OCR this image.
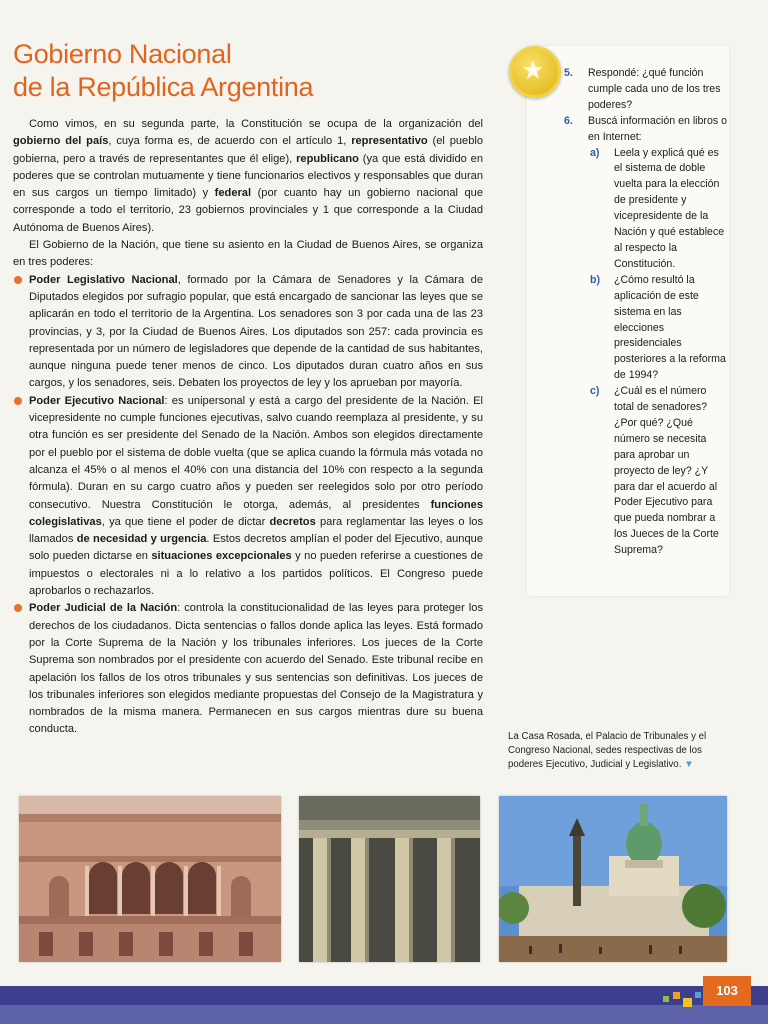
Gobierno Nacional
de la República Argentina

Como vimos, en su segunda parte, la Constitución se ocupa de la organización del gobierno del país, cuya forma es, de acuerdo con el artículo 1, representativo (el pueblo gobierna, pero a través de representantes que él elige), republicano (ya que está dividido en poderes que se controlan mutuamente y tiene funcionarios electivos y responsables que duran en sus cargos un tiempo limitado) y federal (por cuanto hay un gobierno nacional que corresponde a todo el territorio, 23 gobiernos provinciales y 1 que corresponde a la Ciudad Autónoma de Buenos Aires).

El Gobierno de la Nación, que tiene su asiento en la Ciudad de Buenos Aires, se organiza en tres poderes:

Poder Legislativo Nacional, formado por la Cámara de Senadores y la Cámara de Diputados elegidos por sufragio popular, que está encargado de sancionar las leyes que se aplicarán en todo el territorio de la Argentina. Los senadores son 3 por cada una de las 23 provincias, y 3, por la Ciudad de Buenos Aires. Los diputados son 257: cada provincia es representada por un número de legisladores que depende de la cantidad de sus habitantes, aunque ninguna puede tener menos de cinco. Los diputados duran cuatro años en sus cargos, y los senadores, seis. Debaten los proyectos de ley y los aprueban por mayoría.
Poder Ejecutivo Nacional: es unipersonal y está a cargo del presidente de la Nación. El vicepresidente no cumple funciones ejecutivas, salvo cuando reemplaza al presidente, y su otra función es ser presidente del Senado de la Nación. Ambos son elegidos directamente por el pueblo por el sistema de doble vuelta (que se aplica cuando la fórmula más votada no alcanza el 45% o al menos el 40% con una distancia del 10% con respecto a la segunda fórmula). Duran en su cargo cuatro años y pueden ser reelegidos solo por otro período consecutivo. Nuestra Constitución le otorga, además, al presidentes funciones colegislativas, ya que tiene el poder de dictar decretos para reglamentar las leyes o los llamados de necesidad y urgencia. Estos decretos amplían el poder del Ejecutivo, aunque solo pueden dictarse en situaciones excepcionales y no pueden referirse a cuestiones de impuestos o electorales ni a lo relativo a los partidos políticos. El Congreso puede aprobarlos o rechazarlos.
Poder Judicial de la Nación: controla la constitucionalidad de las leyes para proteger los derechos de los ciudadanos. Dicta sentencias o fallos donde aplica las leyes. Está formado por la Corte Suprema de la Nación y los tribunales inferiores. Los jueces de la Corte Suprema son nombrados por el presidente con acuerdo del Senado. Este tribunal recibe en apelación los fallos de los otros tribunales y sus sentencias son definitivas. Los jueces de los tribunales inferiores son elegidos mediante propuestas del Consejo de la Magistratura y nombrados de la misma manera. Permanecen en sus cargos mientras dure su buena conducta.
5. Respondé: ¿qué función cumple cada uno de los tres poderes?
6. Buscá información en libros o en Internet:
a) Leela y explicá qué es el sistema de doble vuelta para la elección de presidente y vicepresidente de la Nación y qué establece al respecto la Constitución.
b) ¿Cómo resultó la aplicación de este sistema en las elecciones presidenciales posteriores a la reforma de 1994?
c) ¿Cuál es el número total de senadores? ¿Por qué? ¿Qué número se necesita para aprobar un proyecto de ley? ¿Y para dar el acuerdo al Poder Ejecutivo para que pueda nombrar a los Jueces de la Corte Suprema?
La Casa Rosada, el Palacio de Tribunales y el Congreso Nacional, sedes respectivas de los poderes Ejecutivo, Judicial y Legislativo. ▼
103
